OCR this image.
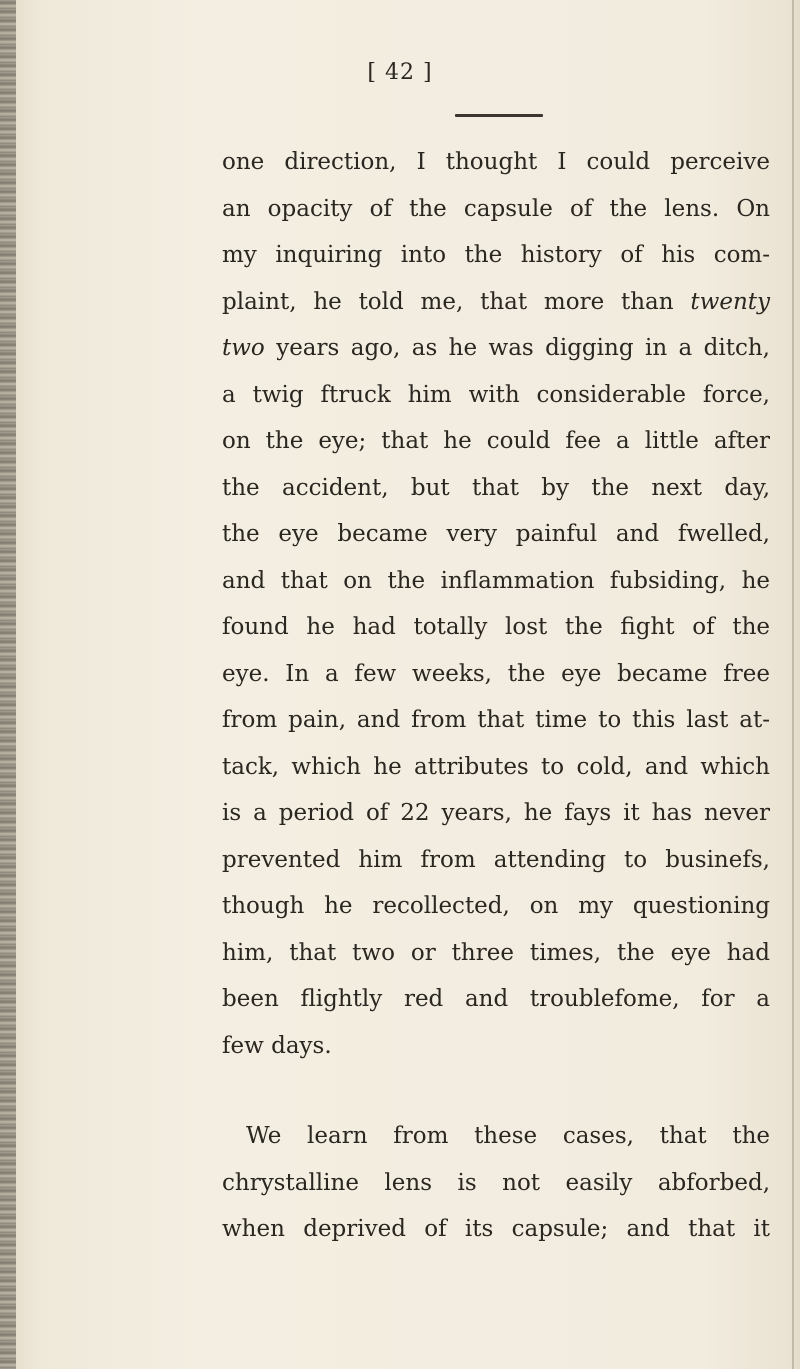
[ 42 ]
one direction, I thought I could perceive
an opacity of the capsule of the lens. On
my inquiring into the history of his com-
plaint, he told me, that more than twenty
two years ago, as he was digging in a ditch,
a twig ftruck him with considerable force,
on the eye; that he could fee a little after
the accident, but that by the next day,
the eye became very painful and fwelled,
and that on the inflammation fubsiding, he
found he had totally lost the fight of the
eye. In a few weeks, the eye became free
from pain, and from that time to this last at-
tack, which he attributes to cold, and which
is a period of 22 years, he fays it has never
prevented him from attending to businefs,
though he recollected, on my questioning
him, that two or three times, the eye had
been flightly red and troublefome, for a
few days.
We learn from these cases, that the
chrystalline lens is not easily abforbed,
when deprived of its capsule; and that it
